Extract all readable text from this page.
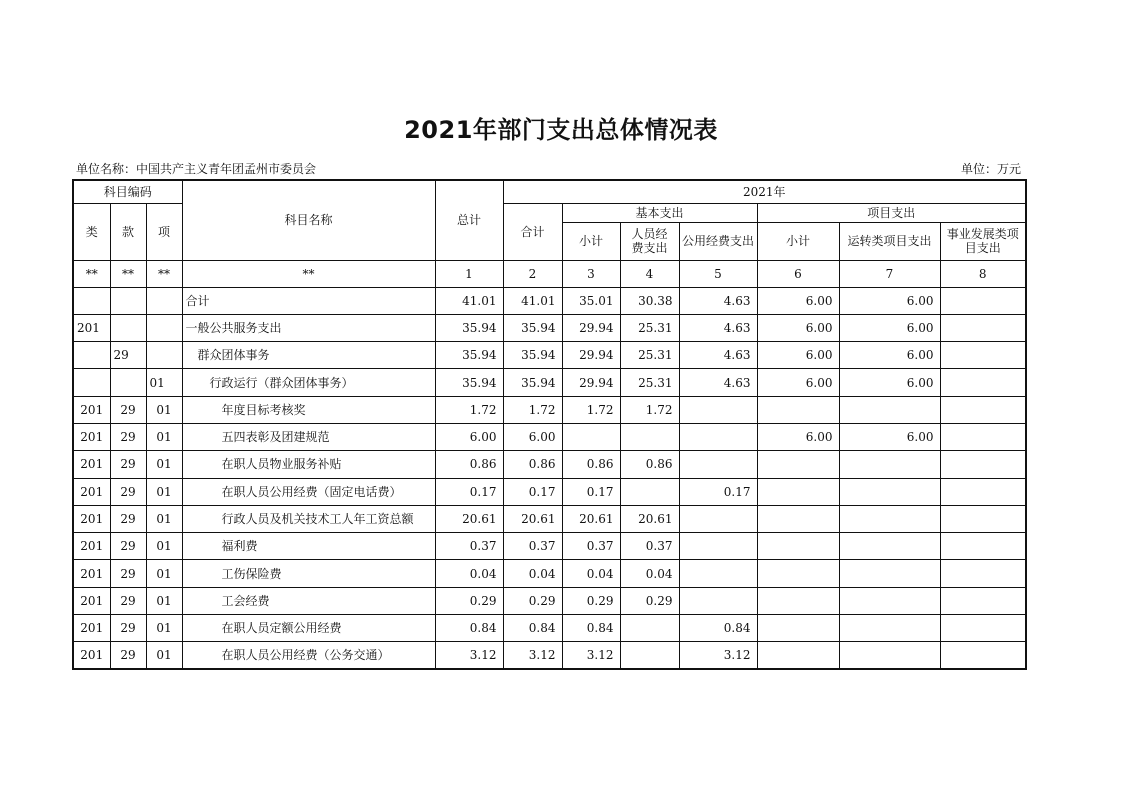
2021年部门支出总体情况表
单位名称：中国共产主义青年团孟州市委员会	单位：万元
科目编码			科目名称	总计	2021年						
类	款	项			合计	基本支出			项目支出		
						小计	人员经费支出	公用经费支出	小计	运转类项目支出	事业发展类项目支出
**	**	**	**	1	2	3	4	5	6	7	8
			合计	41.01	41.01	35.01	30.38	4.63	6.00	6.00	
201			一般公共服务支出	35.94	35.94	29.94	25.31	4.63	6.00	6.00	
	29		群众团体事务	35.94	35.94	29.94	25.31	4.63	6.00	6.00	
		01	行政运行（群众团体事务）	35.94	35.94	29.94	25.31	4.63	6.00	6.00	
201	29	01	年度目标考核奖	1.72	1.72	1.72	1.72				
201	29	01	五四表彰及团建规范	6.00	6.00				6.00	6.00	
201	29	01	在职人员物业服务补贴	0.86	0.86	0.86	0.86				
201	29	01	在职人员公用经费（固定电话费）	0.17	0.17	0.17		0.17			
201	29	01	行政人员及机关技术工人年工资总额	20.61	20.61	20.61	20.61				
201	29	01	福利费	0.37	0.37	0.37	0.37				
201	29	01	工伤保险费	0.04	0.04	0.04	0.04				
201	29	01	工会经费	0.29	0.29	0.29	0.29				
201	29	01	在职人员定额公用经费	0.84	0.84	0.84		0.84			
201	29	01	在职人员公用经费（公务交通）	3.12	3.12	3.12		3.12			
